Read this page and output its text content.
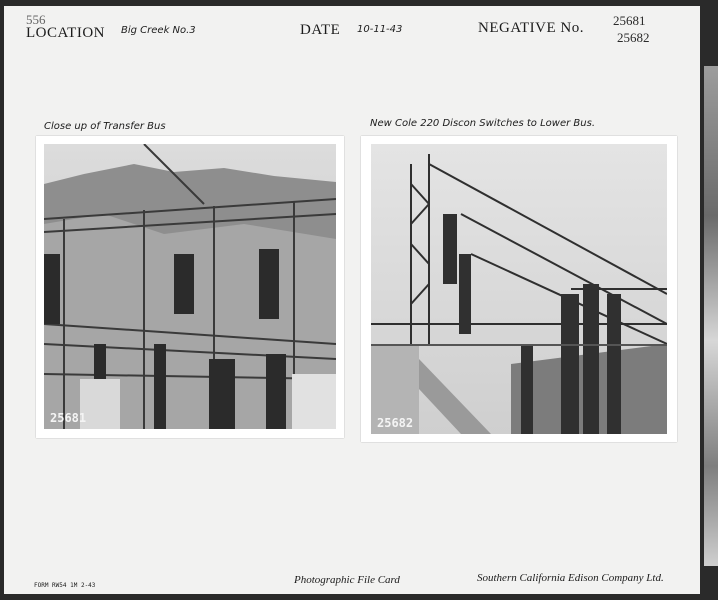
556
LOCATION Big Creek No.3	DATE 10-11-43	NEGATIVE No. 25681
25682
Close up of Transfer Bus
25681
New Cole 220 Discon Switches to Lower Bus.
25682
FORM RW54 1M 2-43	Photographic File Card	Southern California Edison Company Ltd.
